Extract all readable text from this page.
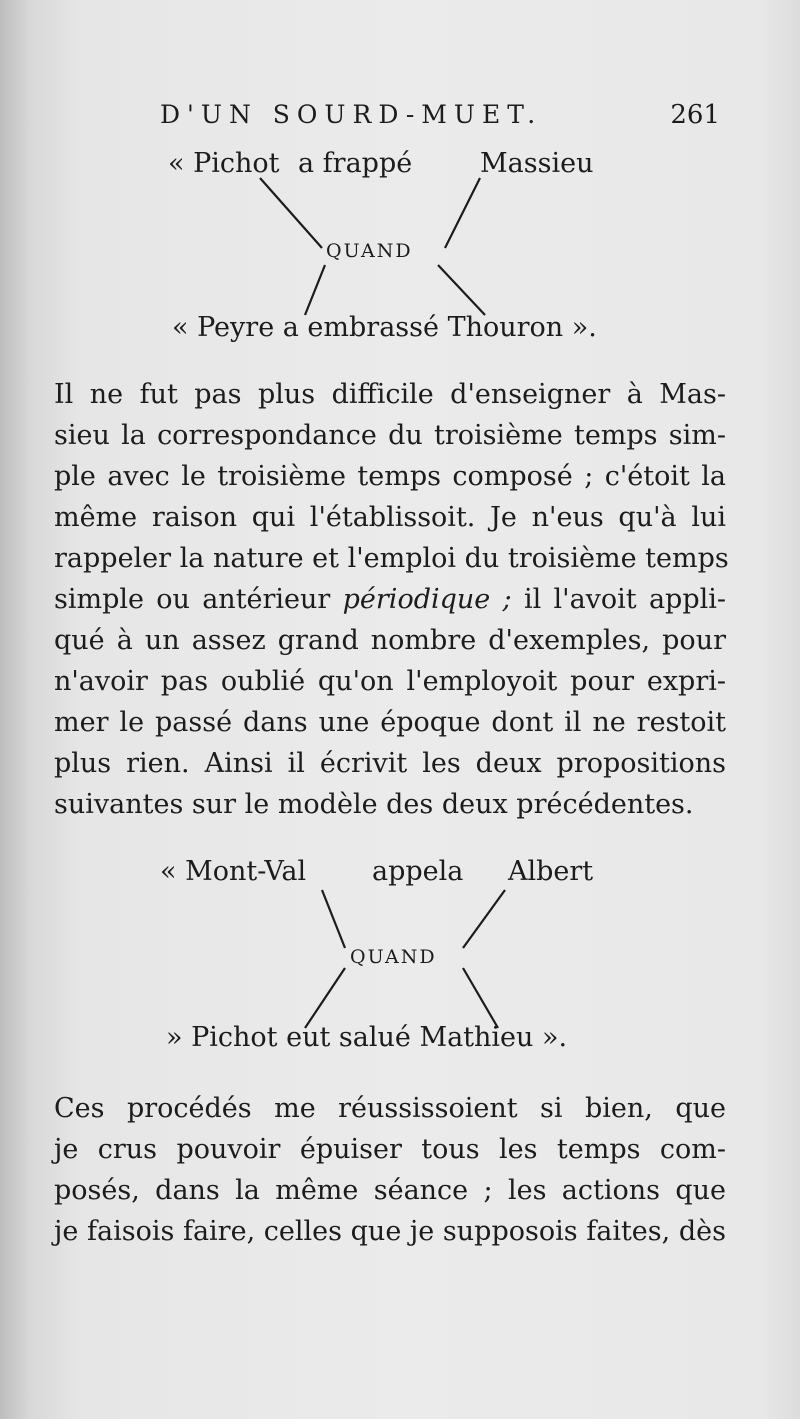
D'UN SOURD-MUET.	261
« Pichot a frappé	Massieu
QUAND
« Peyre a embrassé Thouron ».
Il ne fut pas plus difficile d'enseigner à Mas-
sieu la correspondance du troisième temps sim-
ple avec le troisième temps composé ; c'étoit la
même raison qui l'établissoit. Je n'eus qu'à lui
rappeler la nature et l'emploi du troisième temps
simple ou antérieur périodique ; il l'avoit appli-
qué à un assez grand nombre d'exemples, pour
n'avoir pas oublié qu'on l'employoit pour expri-
mer le passé dans une époque dont il ne restoit
plus rien. Ainsi il écrivit les deux propositions
suivantes sur le modèle des deux précédentes.
« Mont-Val appela Albert
QUAND
» Pichot eut salué Mathieu ».
Ces procédés me réussissoient si bien, que
je crus pouvoir épuiser tous les temps com-
posés, dans la même séance ; les actions que
je faisois faire, celles que je supposois faites, dès
